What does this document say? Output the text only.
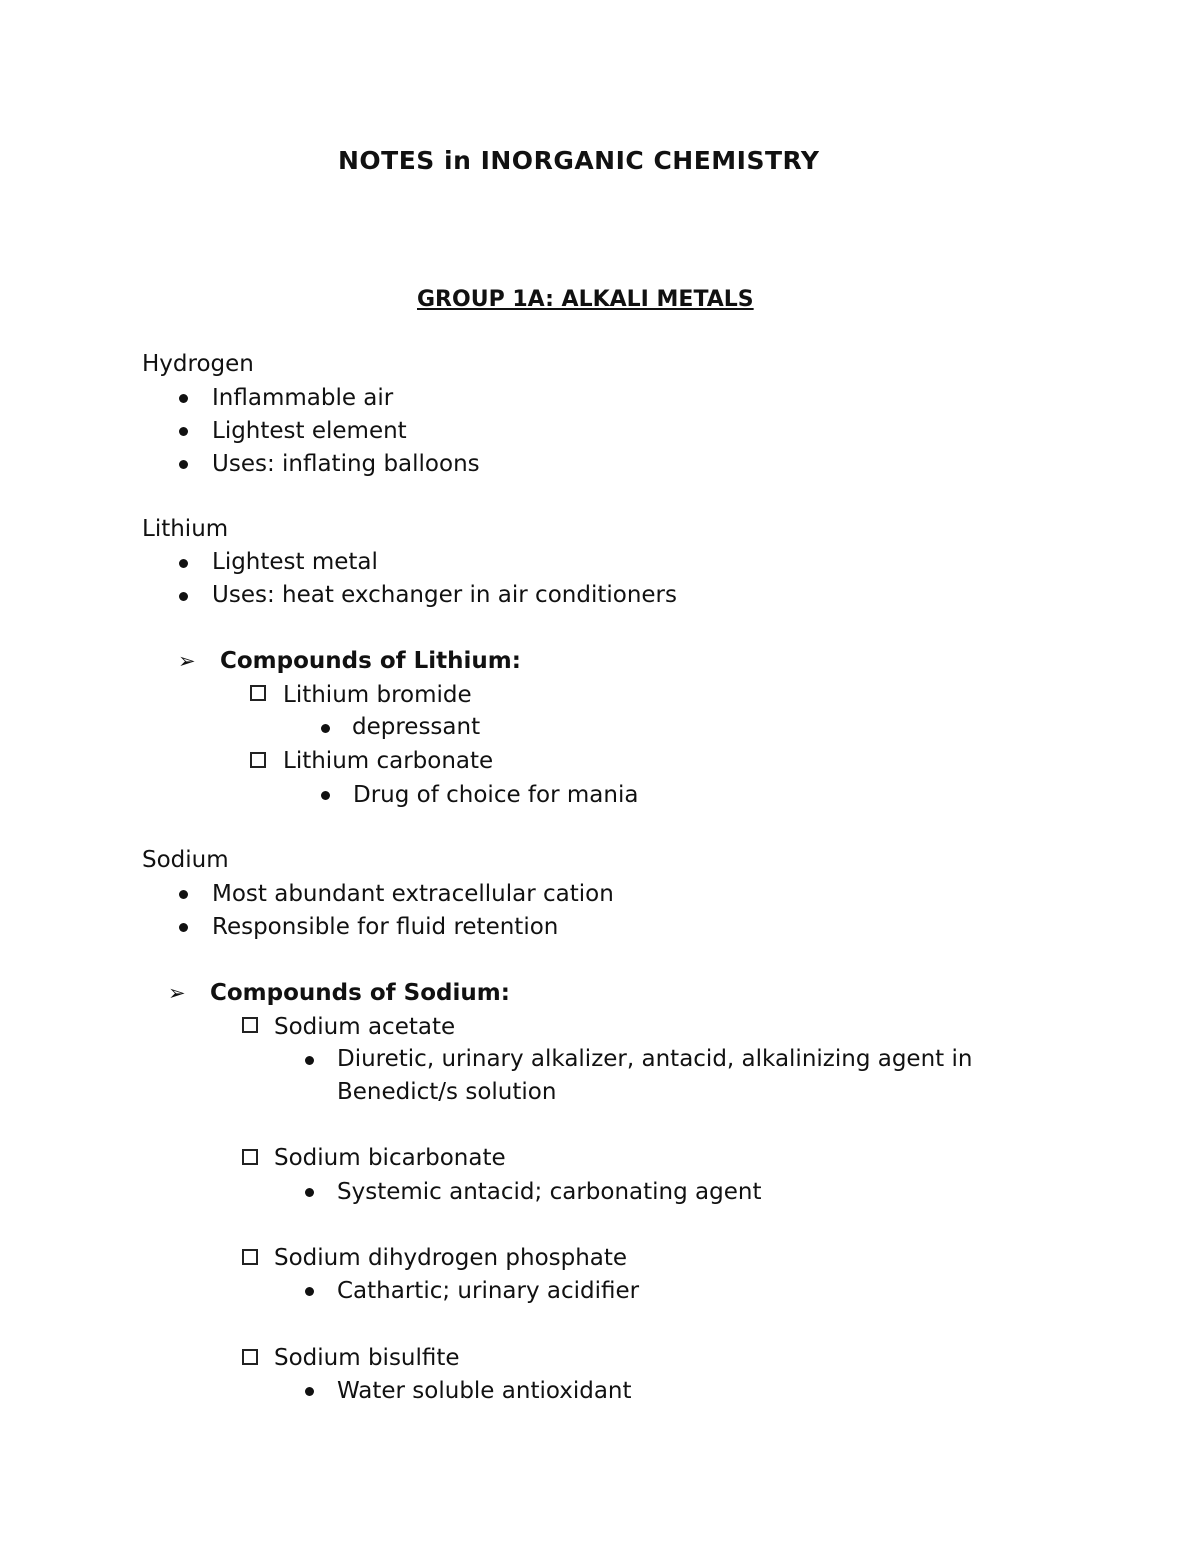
NOTES in INORGANIC CHEMISTRY
GROUP 1A: ALKALI METALS
Hydrogen
Inflammable air
Lightest element
Uses: inflating balloons
Lithium
Lightest metal
Uses: heat exchanger in air conditioners
➢ Compounds of Lithium:
Lithium bromide
depressant
Lithium carbonate
Drug of choice for mania
Sodium
Most abundant extracellular cation
Responsible for fluid retention
➢ Compounds of Sodium:
Sodium acetate
Diuretic, urinary alkalizer, antacid, alkalinizing agent in
Benedict/s solution
Sodium bicarbonate
Systemic antacid; carbonating agent
Sodium dihydrogen phosphate
Cathartic; urinary acidifier
Sodium bisulfite
Water soluble antioxidant
